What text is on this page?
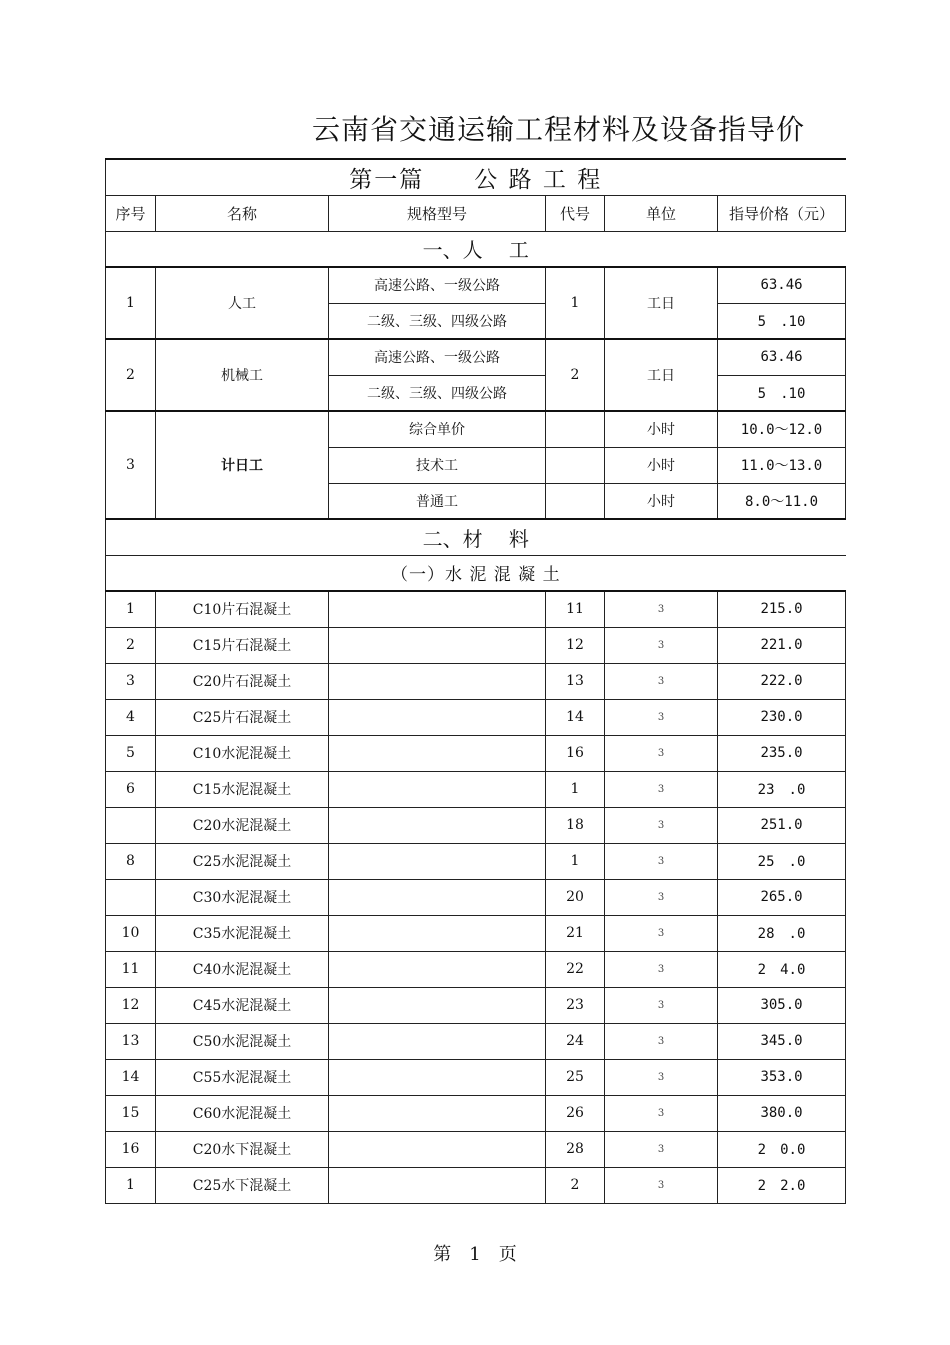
云南省交通运输工程材料及设备指导价
第一篇　　公 路 工 程					
序号	名称	规格型号	代号	单位	指导价格（元）
一、人　 工					
1	人工	高速公路、一级公路	1	工日	63.46
		二级、三级、四级公路			5　.10
2	机械工	高速公路、一级公路	2	工日	63.46
		二级、三级、四级公路			5　.10
3	计日工	综合单价		小时	10.0～12.0
		技术工		小时	11.0～13.0
		普通工		小时	8.0～11.0
二、材　 料					
（一）水 泥 混 凝 土					
1	C10片石混凝土		11	3	215.0
2	C15片石混凝土		12	3	221.0
3	C20片石混凝土		13	3	222.0
4	C25片石混凝土		14	3	230.0
5	C10水泥混凝土		16	3	235.0
6	C15水泥混凝土		1	3	23　.0
	C20水泥混凝土		18	3	251.0
8	C25水泥混凝土		1	3	25　.0
	C30水泥混凝土		20	3	265.0
10	C35水泥混凝土		21	3	28　.0
11	C40水泥混凝土		22	3	2　4.0
12	C45水泥混凝土		23	3	305.0
13	C50水泥混凝土		24	3	345.0
14	C55水泥混凝土		25	3	353.0
15	C60水泥混凝土		26	3	380.0
16	C20水下混凝土		28	3	2　0.0
1	C25水下混凝土		2	3	2　2.0
第　1　页
